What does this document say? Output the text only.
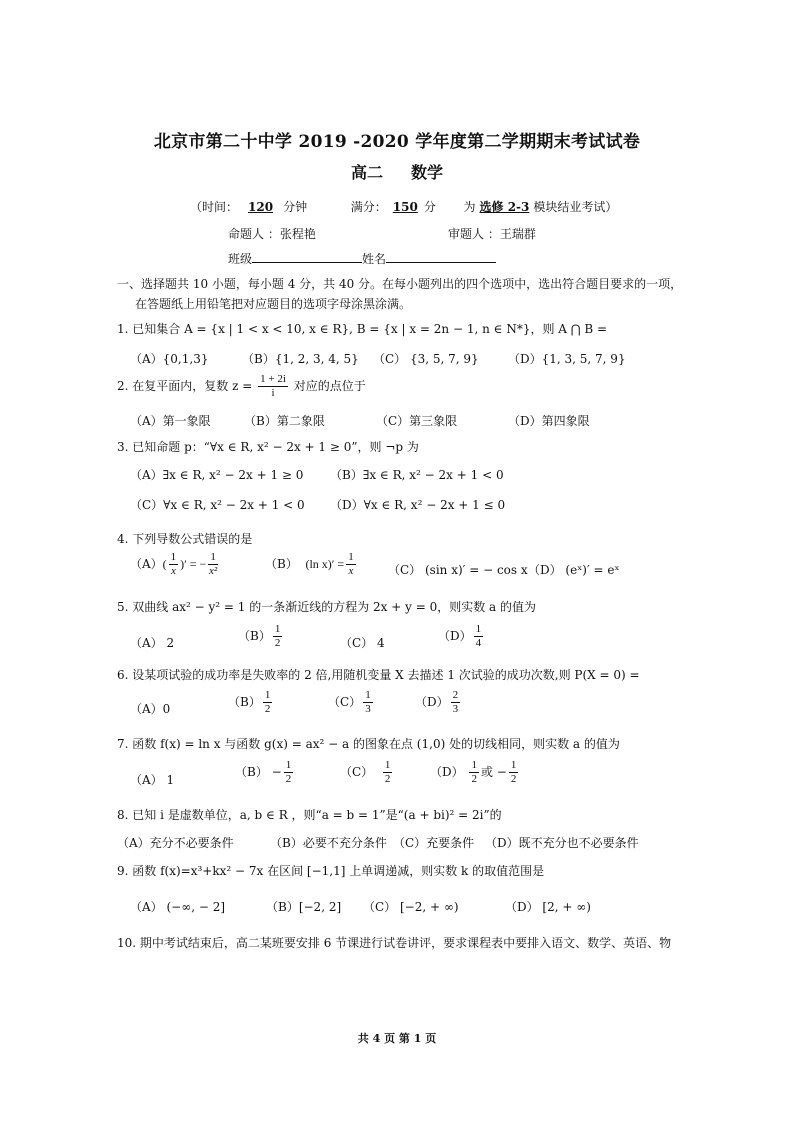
北京市第二十中学 2019 -2020 学年度第二学期期末考试试卷
高二 数学
（时间： 120 分钟	满分： 150 分 为 选修 2-3 模块结业考试）
命题人 ：张程艳	审题人 ：王瑞群
班级	姓名
一、选择题共 10 小题，每小题 4 分，共 40 分。在每小题列出的四个选项中，选出符合题目要求的一项，
在答题纸上用铅笔把对应题目的选项字母涂黑涂满。
1. 已知集合 A = {x | 1 < x < 10, x ∈ R}, B = {x | x = 2n − 1, n ∈ N*}，则 A ⋂ B =
（A）{0,1,3}	（B）{1, 2, 3, 4, 5} （C） {3, 5, 7, 9} （D）{1, 3, 5, 7, 9}
2. 在复平面内，复数 $z = \frac{1 + 2i}{i}$ 对应的点位于
（A）第一象限	（B）第二象限	（C）第三象限	（D）第四象限
3. 已知命题 p：“∀x ∈ R, x² − 2x + 1 ≥ 0”，则 ¬p 为
（A）∃x ∈ R, x² − 2x + 1 ≥ 0 （B）∃x ∈ R, x² − 2x + 1 < 0
（C）∀x ∈ R, x² − 2x + 1 < 0 （D）∀x ∈ R, x² − 2x + 1 ≤ 0
4. 下列导数公式错误的是
$(A)( \frac{1}{x}$ )′ = − $\frac{1}{\text{x²}}$	（B） (ln $x)' = \frac{1}{x}$	（C） (sin x)′ = − cos x （D） (eˣ)′ = eˣ
5. 双曲线 ax² − y² = 1 的一条渐近线的方程为 2x + y = 0，则实数 a 的值为
（A） 2	$(B) \frac{1}{2}$	（C） 4	$(D) \frac{1}{4}$
6. 设某项试验的成功率是失败率的 2 倍,用随机变量 X 去描述 1 次试验的成功次数,则 P(X = 0) =
（A）0	$(B) \frac{1}{2}$	$(C) \frac{1}{3}$	$(D) \frac{2}{3}$
7. 函数 f(x) = ln x 与函数 g(x) = ax² − a 的图象在点 (1,0) 处的切线相同，则实数 a 的值为
（A） 1
$(B) - \frac{1}{2}$	$(C) \frac{1}{2}$	$(D) \frac{1}{2}$ 或 − $\frac{1}{2}$
8. 已知 i 是虚数单位，a, b ∈ R ，则“a = b = 1”是“(a + bi)² = 2i”的
（A）充分不必要条件	（B）必要不充分条件 （C）充要条件 （D）既不充分也不必要条件
9. 函数 f(x)=x³+kx² − 7x 在区间 [−1,1] 上单调递减，则实数 k 的取值范围是
（A） (−∞, − 2]	（B）[−2, 2] （C） [−2, + ∞)	（D） [2, + ∞)
10. 期中考试结束后，高二某班要安排 6 节课进行试卷讲评，要求课程表中要排入语文、数学、英语、物
共 4 页 第 1 页
